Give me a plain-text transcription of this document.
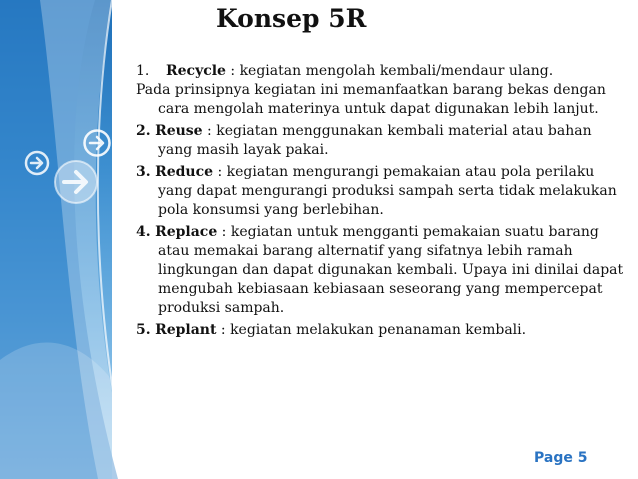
Konsep 5R

1. Recycle : kegiatan mengolah kembali/mendaur ulang.

Pada prinsipnya kegiatan ini memanfaatkan barang bekas dengan cara mengolah materinya untuk dapat digunakan lebih lanjut.

2. Reuse : kegiatan menggunakan kembali material atau bahan yang masih layak pakai.

3. Reduce : kegiatan mengurangi pemakaian atau pola perilaku yang dapat mengurangi produksi sampah serta tidak melakukan pola konsumsi yang berlebihan.

4. Replace : kegiatan untuk mengganti pemakaian suatu barang atau memakai barang alternatif yang sifatnya lebih ramah lingkungan dan dapat digunakan kembali. Upaya ini dinilai dapat mengubah kebiasaan kebiasaan seseorang yang mempercepat produksi sampah.

5. Replant : kegiatan melakukan penanaman kembali.

Page 5
